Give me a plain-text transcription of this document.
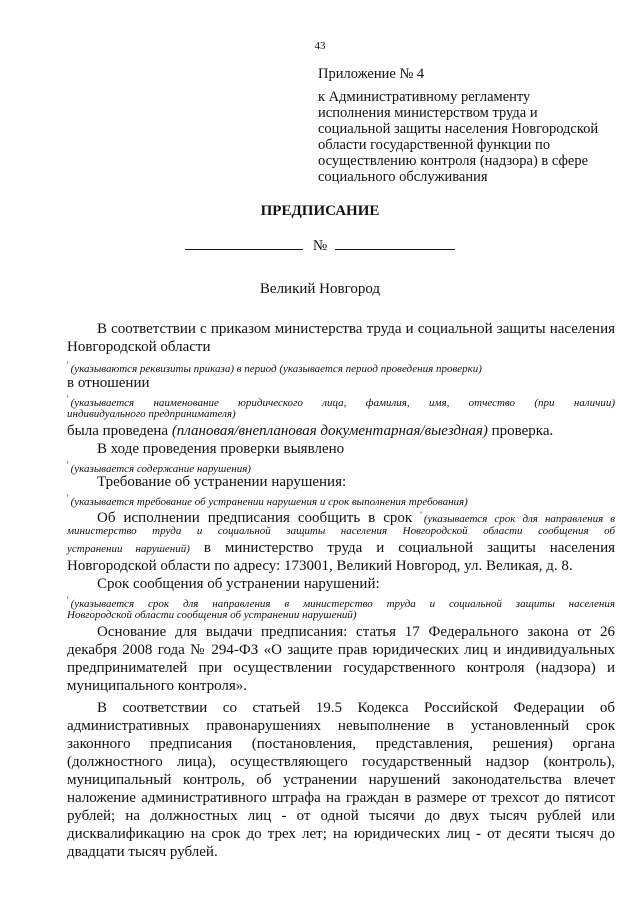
43
Приложение № 4
к Административному регламенту
исполнения министерством труда и
социальной защиты населения Новгородской
области государственной функции по
осуществлению контроля (надзора) в сфере
социального обслуживания
ПРЕДПИСАНИЕ
№
Великий Новгород
В соответствии с приказом министерства труда и социальной защиты населения
Новгородской области
' (указываются реквизиты приказа) в период (указывается период проведения проверки)
в отношении
' (указывается наименование юридического лица, фамилия, имя, отчество (при наличии)
индивидуального предпринимателя)
была проведена (плановая/внеплановая документарная/выездная) проверка.
В ходе проведения проверки выявлено
' (указывается содержание нарушения)
Требование об устранении нарушения:
' (указывается требование об устранении нарушения и срок выполнения требования)
Об исполнении предписания сообщить в срок ' (указывается срок для направления в
министерство труда и социальной защиты населения Новгородской области сообщения об
устранении нарушений) в министерство труда и социальной защиты населения
Новгородской области по адресу: 173001, Великий Новгород, ул. Великая, д. 8.
Срок сообщения об устранении нарушений:
' (указывается срок для направления в министерство труда и социальной защиты населения
Новгородской области сообщения об устранении нарушений)
Основание для выдачи предписания: статья 17 Федерального закона от 26
декабря 2008 года № 294-ФЗ «О защите прав юридических лиц и индивидуальных
предпринимателей при осуществлении государственного контроля (надзора) и
муниципального контроля».
В соответствии со статьей 19.5 Кодекса Российской Федерации об
административных правонарушениях невыполнение в установленный срок
законного предписания (постановления, представления, решения) органа
(должностного лица), осуществляющего государственный надзор (контроль),
муниципальный контроль, об устранении нарушений законодательства влечет
наложение административного штрафа на граждан в размере от трехсот до пятисот
рублей; на должностных лиц - от одной тысячи до двух тысяч рублей или
дисквалификацию на срок до трех лет; на юридических лиц - от десяти тысяч до
двадцати тысяч рублей.
